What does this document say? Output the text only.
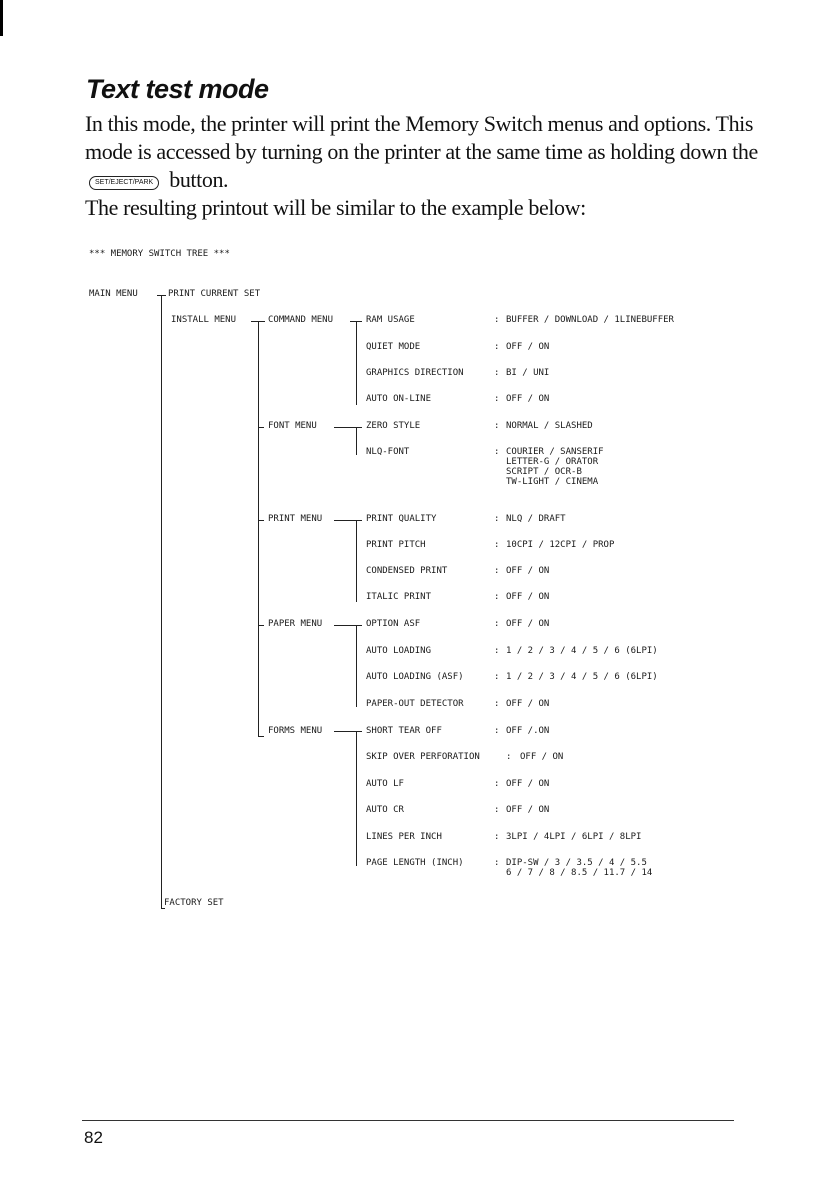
Text test mode

In this mode, the printer will print the Memory Switch menus and options. This mode is accessed by turning on the printer at the same time as holding down the SET/EJECT/PARK button.

The resulting printout will be similar to the example below:

*** MEMORY SWITCH TREE ***
MAIN MENU	PRINT CURRENT SET
INSTALL MENU
FACTORY SET
COMMAND MENU
FONT MENU
PRINT MENU
PAPER MENU
FORMS MENU
RAM USAGE	: BUFFER / DOWNLOAD / 1LINEBUFFER
QUIET MODE	: OFF / ON
GRAPHICS DIRECTION	: BI / UNI
AUTO ON-LINE	: OFF / ON
ZERO STYLE	: NORMAL / SLASHED
NLQ-FONT	: COURIER / SANSERIF
LETTER-G / ORATOR
SCRIPT / OCR-B
TW-LIGHT / CINEMA
PRINT QUALITY	: NLQ / DRAFT
PRINT PITCH	: 10CPI / 12CPI / PROP
CONDENSED PRINT	: OFF / ON
ITALIC PRINT	: OFF / ON
OPTION ASF	: OFF / ON
AUTO LOADING	: 1 / 2 / 3 / 4 / 5 / 6 (6LPI)
AUTO LOADING (ASF)	: 1 / 2 / 3 / 4 / 5 / 6 (6LPI)
PAPER-OUT DETECTOR	: OFF / ON
SHORT TEAR OFF	: OFF /.ON
SKIP OVER PERFORATION	: OFF / ON
AUTO LF	: OFF / ON
AUTO CR	: OFF / ON
LINES PER INCH	: 3LPI / 4LPI / 6LPI / 8LPI
PAGE LENGTH (INCH)	: DIP-SW / 3 / 3.5 / 4 / 5.5
6 / 7 / 8 / 8.5 / 11.7 / 14
82
